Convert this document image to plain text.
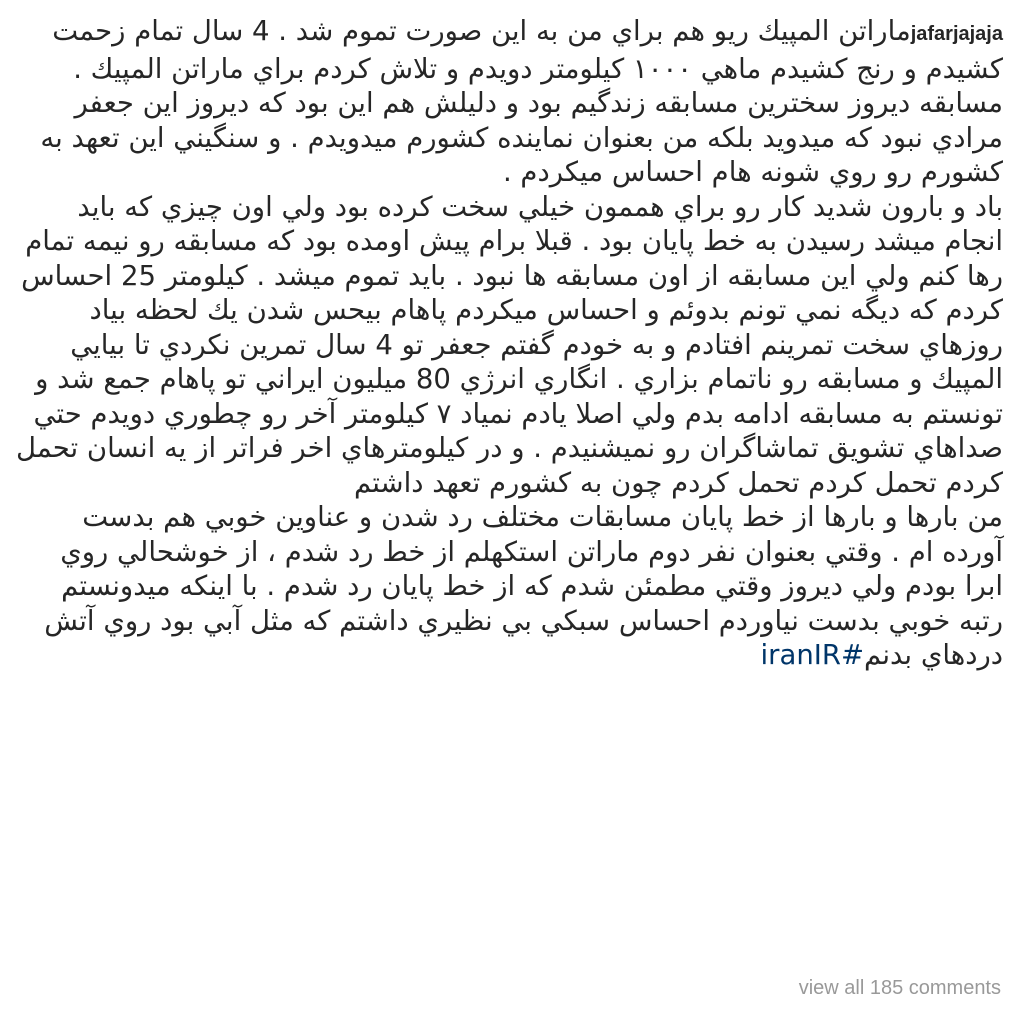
jafarjajajaماراتن المپيك ريو هم براي من به اين صورت تموم شد . 4 سال تمام زحمت كشيدم و رنج كشيدم ماهي ١٠٠٠ كيلومتر دويدم و تلاش كردم براي ماراتن المپيك .
مسابقه ديروز سخترين مسابقه زندگيم بود و دليلش هم اين بود كه ديروز اين جعفر مرادي نبود كه ميدويد بلكه من بعنوان نماينده كشورم ميدويدم . و سنگيني اين تعهد به كشورم رو روي شونه هام احساس ميكردم .
باد و بارون شديد كار رو براي هممون خيلي سخت كرده بود ولي اون چيزي كه بايد انجام ميشد رسيدن به خط پايان بود . قبلا برام پيش اومده بود كه مسابقه رو نيمه تمام رها كنم ولي اين مسابقه از اون مسابقه ها نبود . بايد تموم ميشد . كيلومتر 25 احساس كردم كه ديگه نمي تونم بدوئم و احساس ميكردم پاهام بيحس شدن يك لحظه بياد روزهاي سخت تمرينم افتادم و به خودم گفتم جعفر تو 4 سال تمرين نكردي تا بيايي المپيك و مسابقه رو ناتمام بزاري . انگاري انرژي 80 ميليون ايراني تو پاهام جمع شد و تونستم به مسابقه ادامه بدم ولي اصلا يادم نمياد ٧ كيلومتر آخر رو چطوري دويدم حتي صداهاي تشويق تماشاگران رو نميشنيدم . و در كيلومترهاي اخر فراتر از يه انسان تحمل كردم تحمل كردم تحمل كردم چون به كشورم تعهد داشتم
من بارها و بارها از خط پايان مسابقات مختلف رد شدن و عناوين خوبي هم بدست آورده ام . وقتي بعنوان نفر دوم ماراتن استكهلم از خط رد شدم ، از خوشحالي روي ابرا بودم ولي ديروز وقتي مطمئن شدم كه از خط پايان رد شدم . با اينكه ميدونستم رتبه خوبي بدست نياوردم احساس سبكي بي نظيري داشتم كه مثل آبي بود روي آتش دردهاي بدنم#iranIR
view all 185 comments
